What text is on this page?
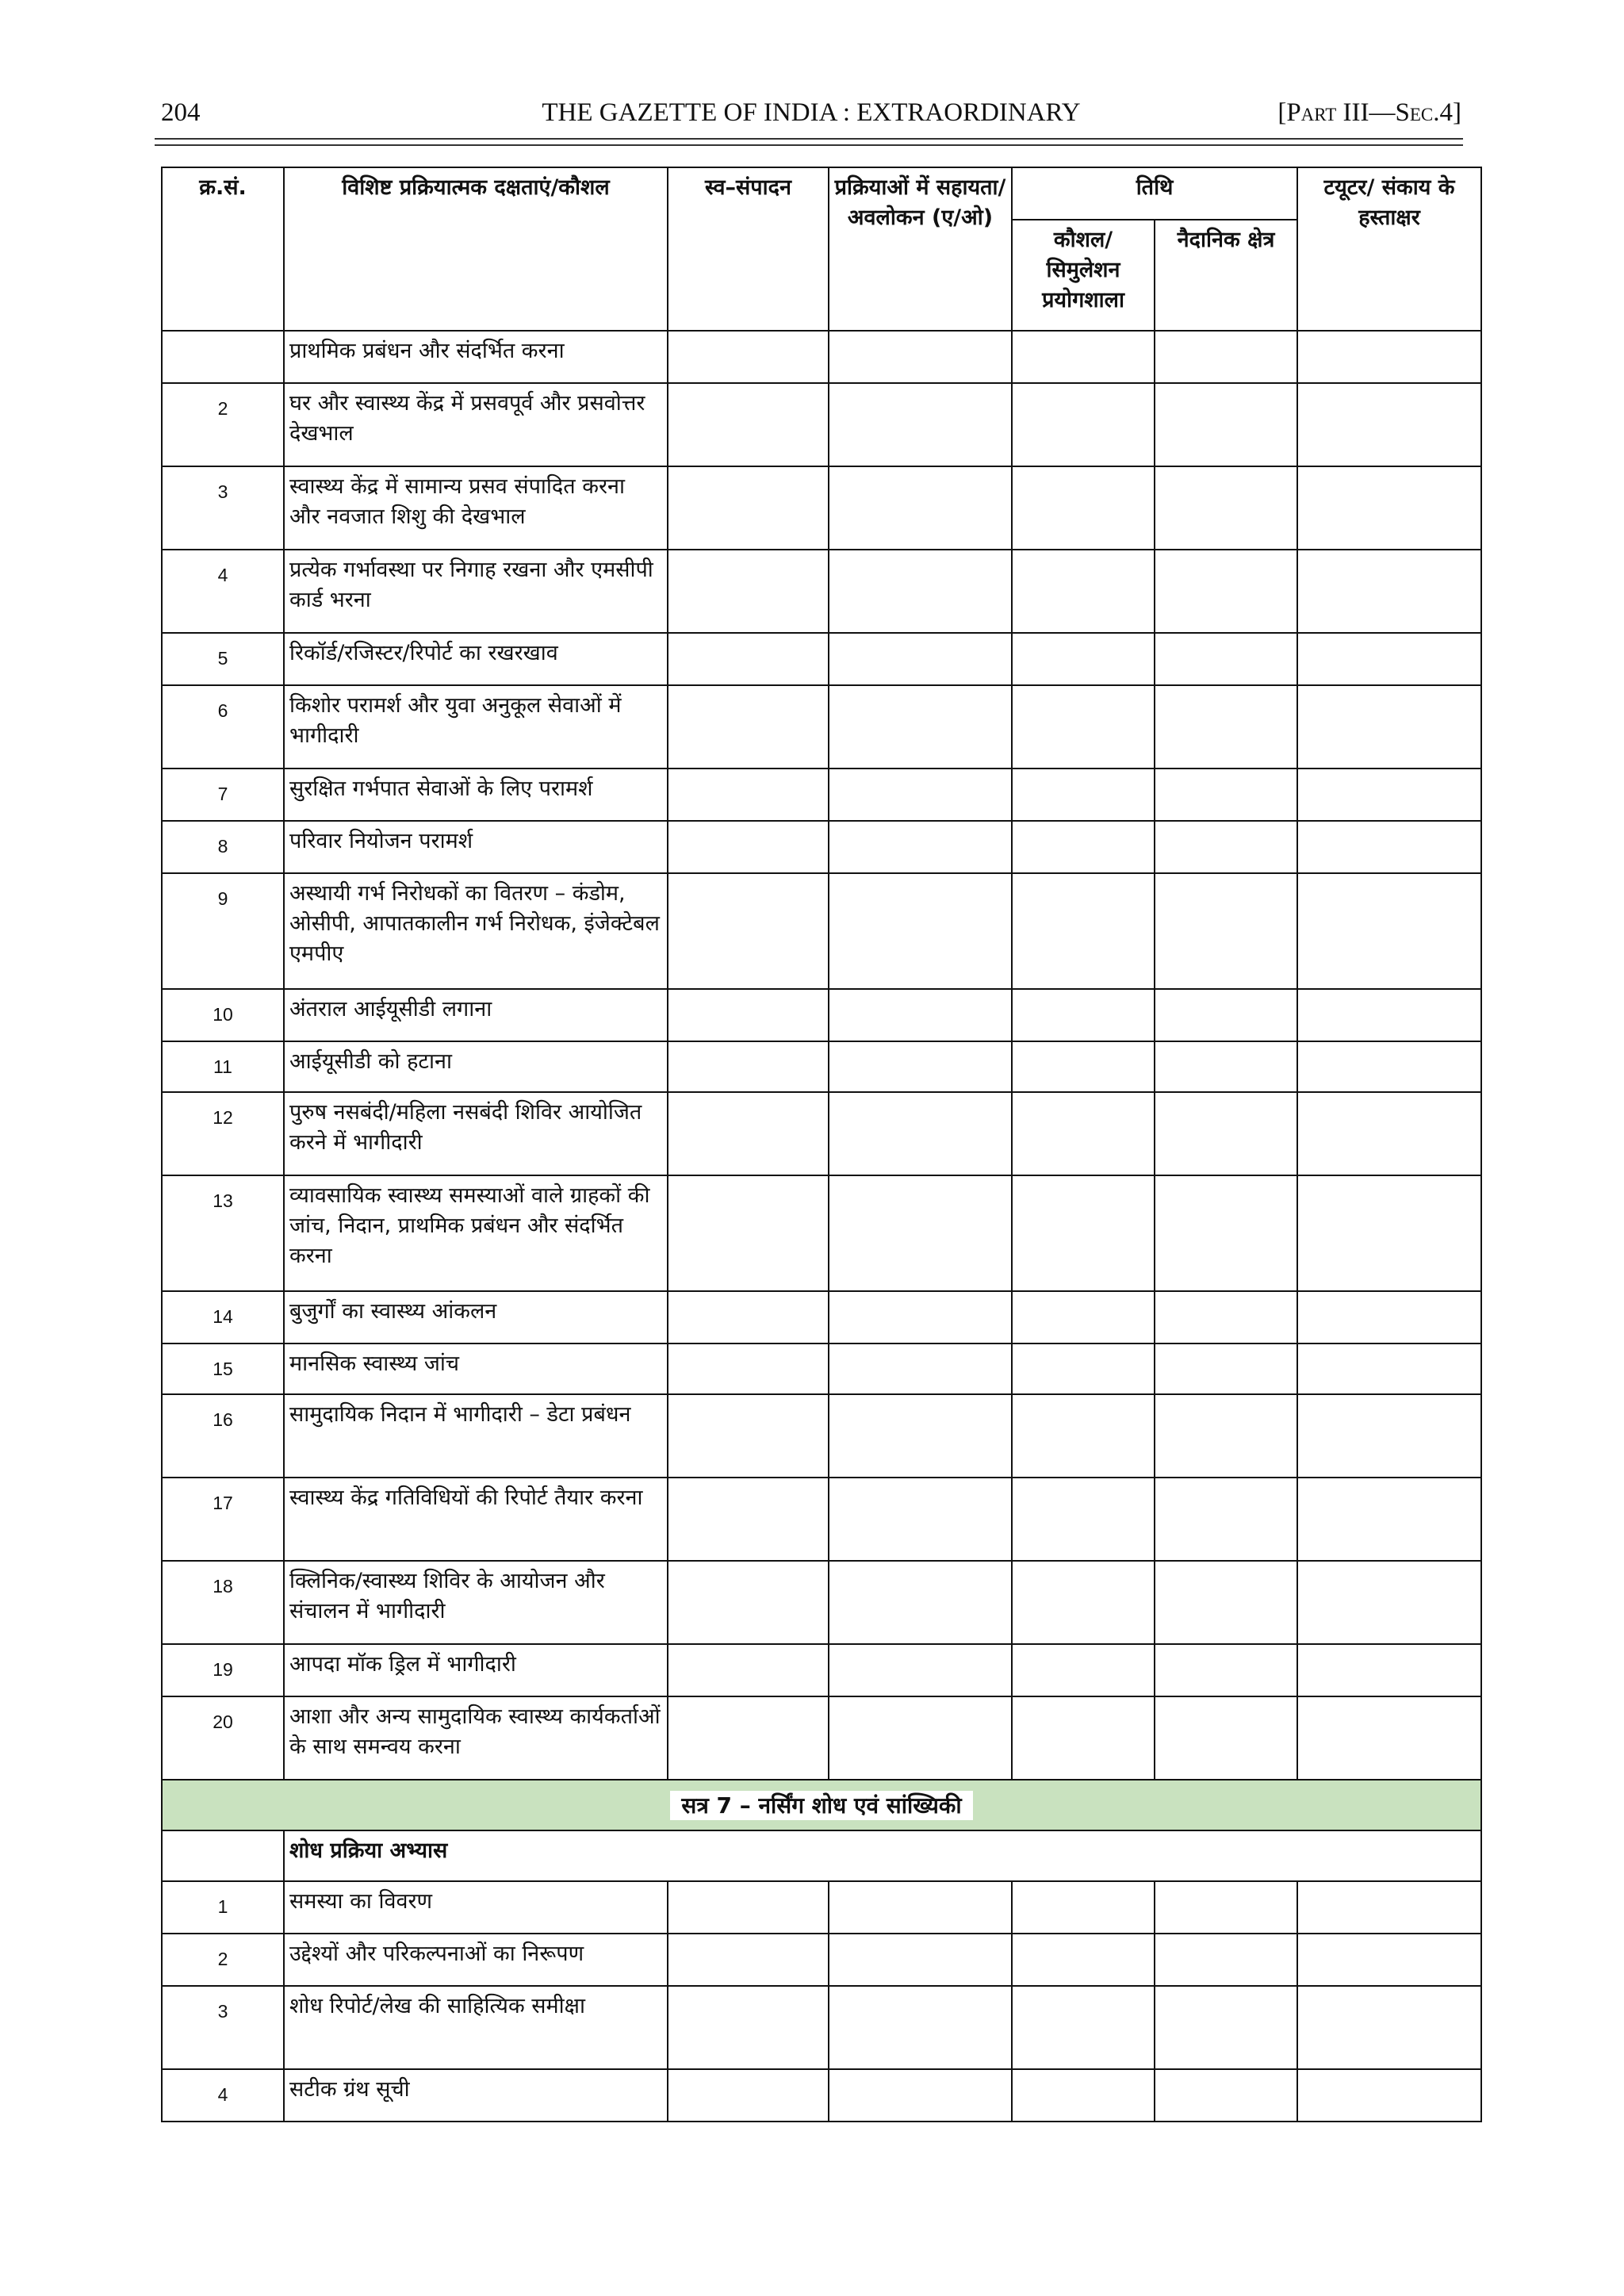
204	THE GAZETTE OF INDIA : EXTRAORDINARY	[Part III—Sec.4]
क्र.सं.	विशिष्ट प्रक्रियात्मक दक्षताएं/कौशल	स्व–संपादन	प्रक्रियाओं में सहायता/ अवलोकन (ए/ओ)	तिथि		टयूटर/ संकाय के हस्ताक्षर
				कौशल/ सिमुलेशन प्रयोगशाला	नैदानिक क्षेत्र	
	प्राथमिक प्रबंधन और संदर्भित करना					
2	घर और स्वास्थ्य केंद्र में प्रसवपूर्व और प्रसवोत्तर देखभाल					
3	स्वास्थ्य केंद्र में सामान्य प्रसव संपादित करना और नवजात शिशु की देखभाल					
4	प्रत्येक गर्भावस्था पर निगाह रखना और एमसीपी कार्ड भरना					
5	रिकॉर्ड/रजिस्टर/रिपोर्ट का रखरखाव					
6	किशोर परामर्श और युवा अनुकूल सेवाओं में भागीदारी					
7	सुरक्षित गर्भपात सेवाओं के लिए परामर्श					
8	परिवार नियोजन परामर्श					
9	अस्थायी गर्भ निरोधकों का वितरण – कंडोम, ओसीपी, आपातकालीन गर्भ निरोधक, इंजेक्टेबल एमपीए					
10	अंतराल आईयूसीडी लगाना					
11	आईयूसीडी को हटाना					
12	पुरुष नसबंदी/महिला नसबंदी शिविर आयोजित करने में भागीदारी					
13	व्यावसायिक स्वास्थ्य समस्याओं वाले ग्राहकों की जांच, निदान, प्राथमिक प्रबंधन और संदर्भित करना					
14	बुजुर्गों का स्वास्थ्य आंकलन					
15	मानसिक स्वास्थ्य जांच					
16	सामुदायिक निदान में भागीदारी – डेटा प्रबंधन					
17	स्वास्थ्य केंद्र गतिविधियों की रिपोर्ट तैयार करना					
18	क्लिनिक/स्वास्थ्य शिविर के आयोजन और संचालन में भागीदारी					
19	आपदा मॉक ड्रिल में भागीदारी					
20	आशा और अन्य सामुदायिक स्वास्थ्य कार्यकर्ताओं के साथ समन्वय करना					
सत्र 7 – नर्सिंग शोध एवं सांख्यिकी						
	शोध प्रक्रिया अभ्यास					
1	समस्या का विवरण					
2	उद्देश्यों और परिकल्पनाओं का निरूपण					
3	शोध रिपोर्ट/लेख की साहित्यिक समीक्षा					
4	सटीक ग्रंथ सूची					
